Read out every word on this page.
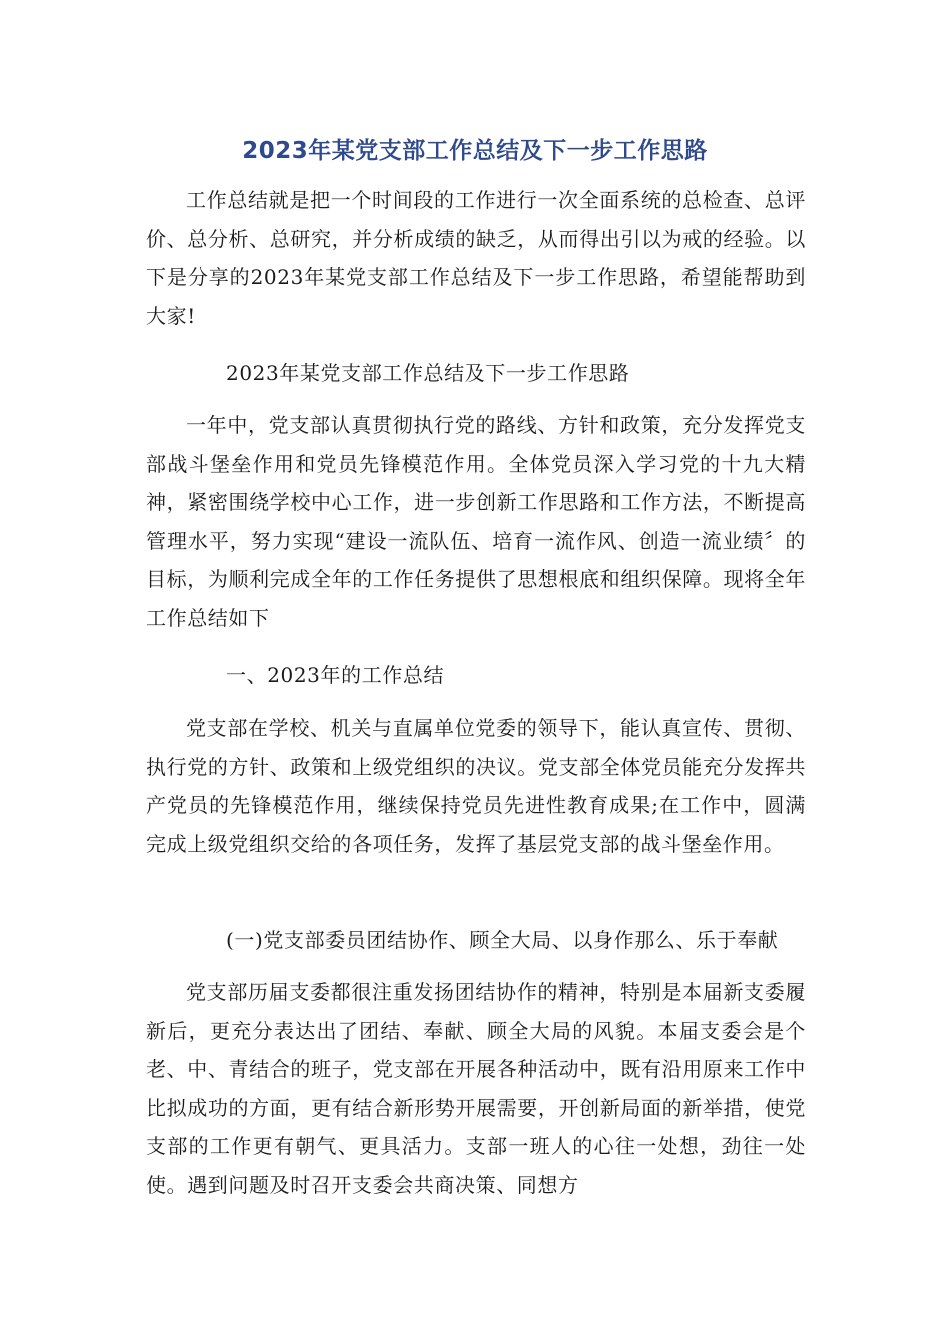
2023年某党支部工作总结及下一步工作思路

工作总结就是把一个时间段的工作进行一次全面系统的总检查、总评价、总分析、总研究，并分析成绩的缺乏，从而得出引以为戒的经验。以下是分享的2023年某党支部工作总结及下一步工作思路，希望能帮助到大家!

2023年某党支部工作总结及下一步工作思路

一年中，党支部认真贯彻执行党的路线、方针和政策，充分发挥党支部战斗堡垒作用和党员先锋模范作用。全体党员深入学习党的十九大精神，紧密围绕学校中心工作，进一步创新工作思路和工作方法，不断提高管理水平，努力实现“建设一流队伍、培育一流作风、创造一流业绩〞的目标，为顺利完成全年的工作任务提供了思想根底和组织保障。现将全年工作总结如下

一、2023年的工作总结

党支部在学校、机关与直属单位党委的领导下，能认真宣传、贯彻、执行党的方针、政策和上级党组织的决议。党支部全体党员能充分发挥共产党员的先锋模范作用，继续保持党员先进性教育成果;在工作中，圆满完成上级党组织交给的各项任务，发挥了基层党支部的战斗堡垒作用。

(一)党支部委员团结协作、顾全大局、以身作那么、乐于奉献

党支部历届支委都很注重发扬团结协作的精神，特别是本届新支委履新后，更充分表达出了团结、奉献、顾全大局的风貌。本届支委会是个老、中、青结合的班子，党支部在开展各种活动中，既有沿用原来工作中比拟成功的方面，更有结合新形势开展需要，开创新局面的新举措，使党支部的工作更有朝气、更具活力。支部一班人的心往一处想，劲往一处使。遇到问题及时召开支委会共商决策、同想方
